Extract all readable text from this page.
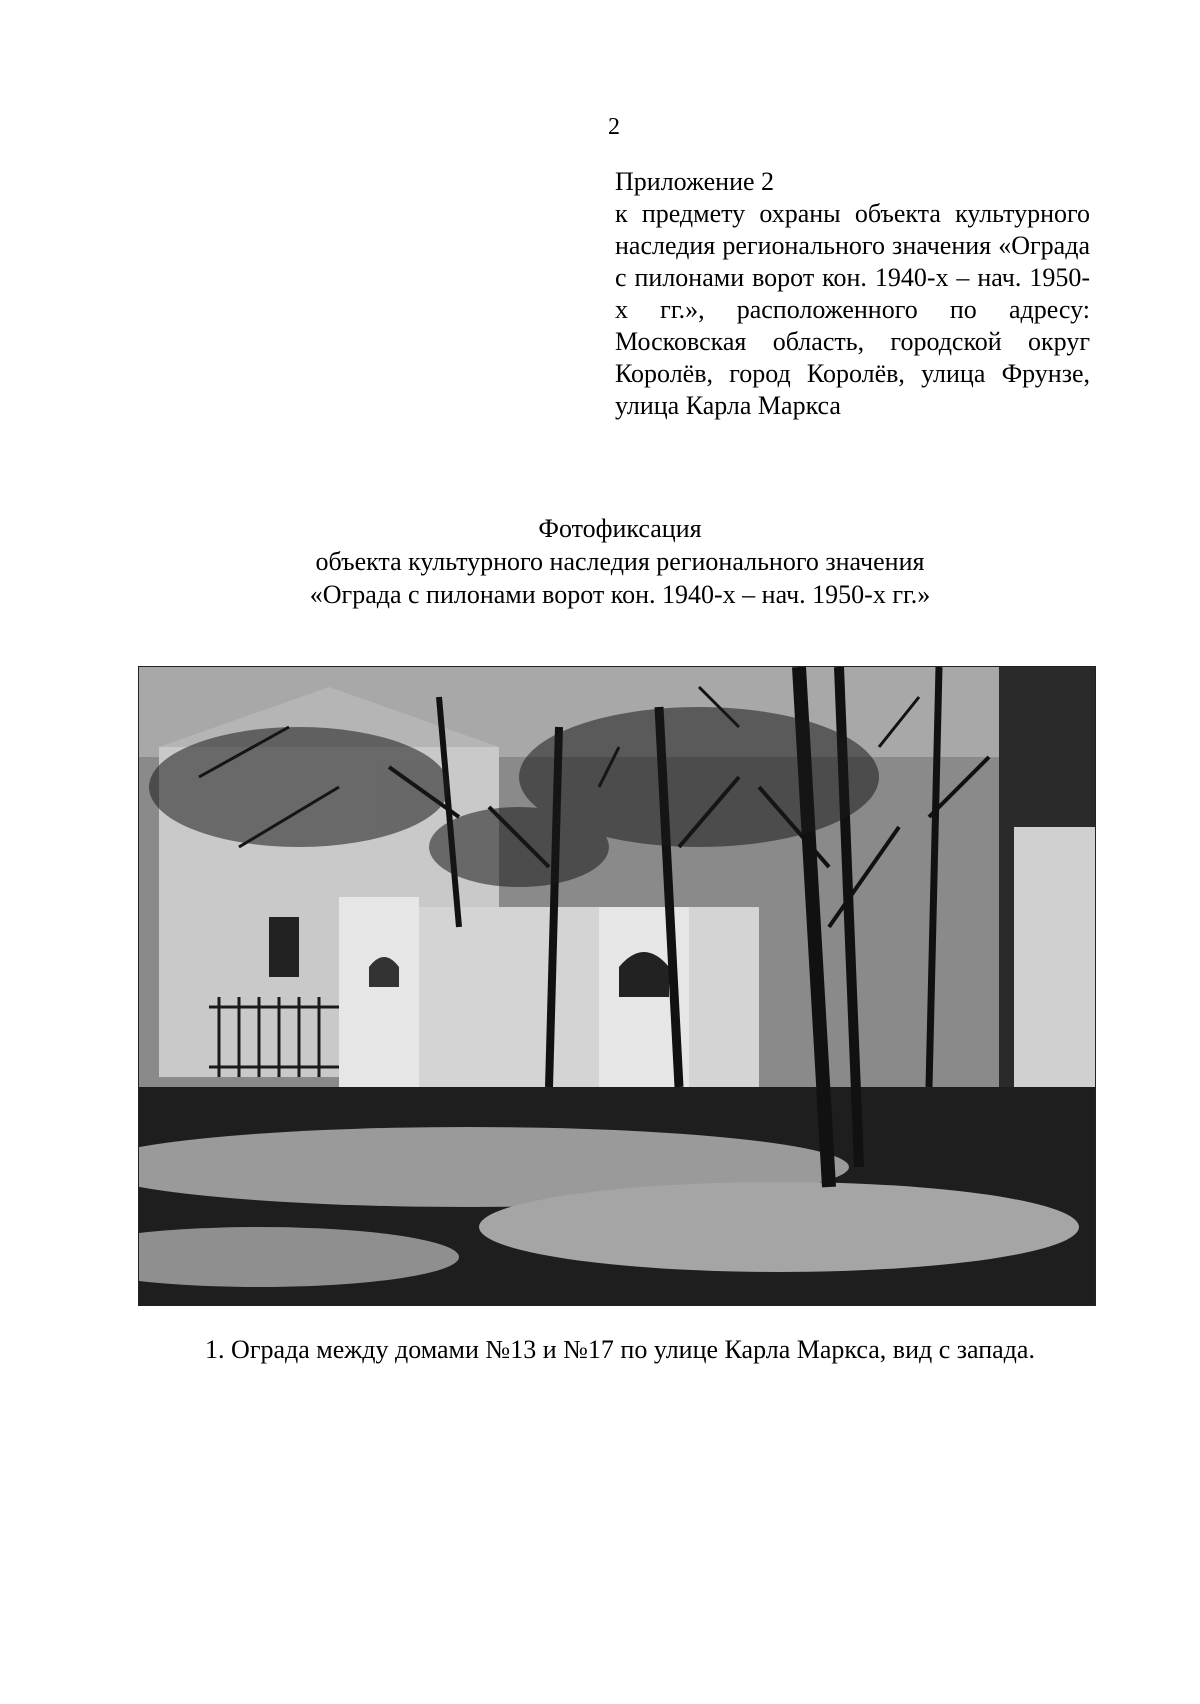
2
Приложение 2
к предмету охраны объекта культурного наследия регионального значения «Ограда с пилонами ворот кон. 1940-х – нач. 1950-х гг.», расположенного по адресу: Московская область, городской округ Королёв, город Королёв, улица Фрунзе, улица Карла Маркса
Фотофиксация
объекта культурного наследия регионального значения
«Ограда с пилонами ворот кон. 1940-х – нач. 1950-х гг.»
1. Ограда между домами №13 и №17 по улице Карла Маркса, вид с запада.
